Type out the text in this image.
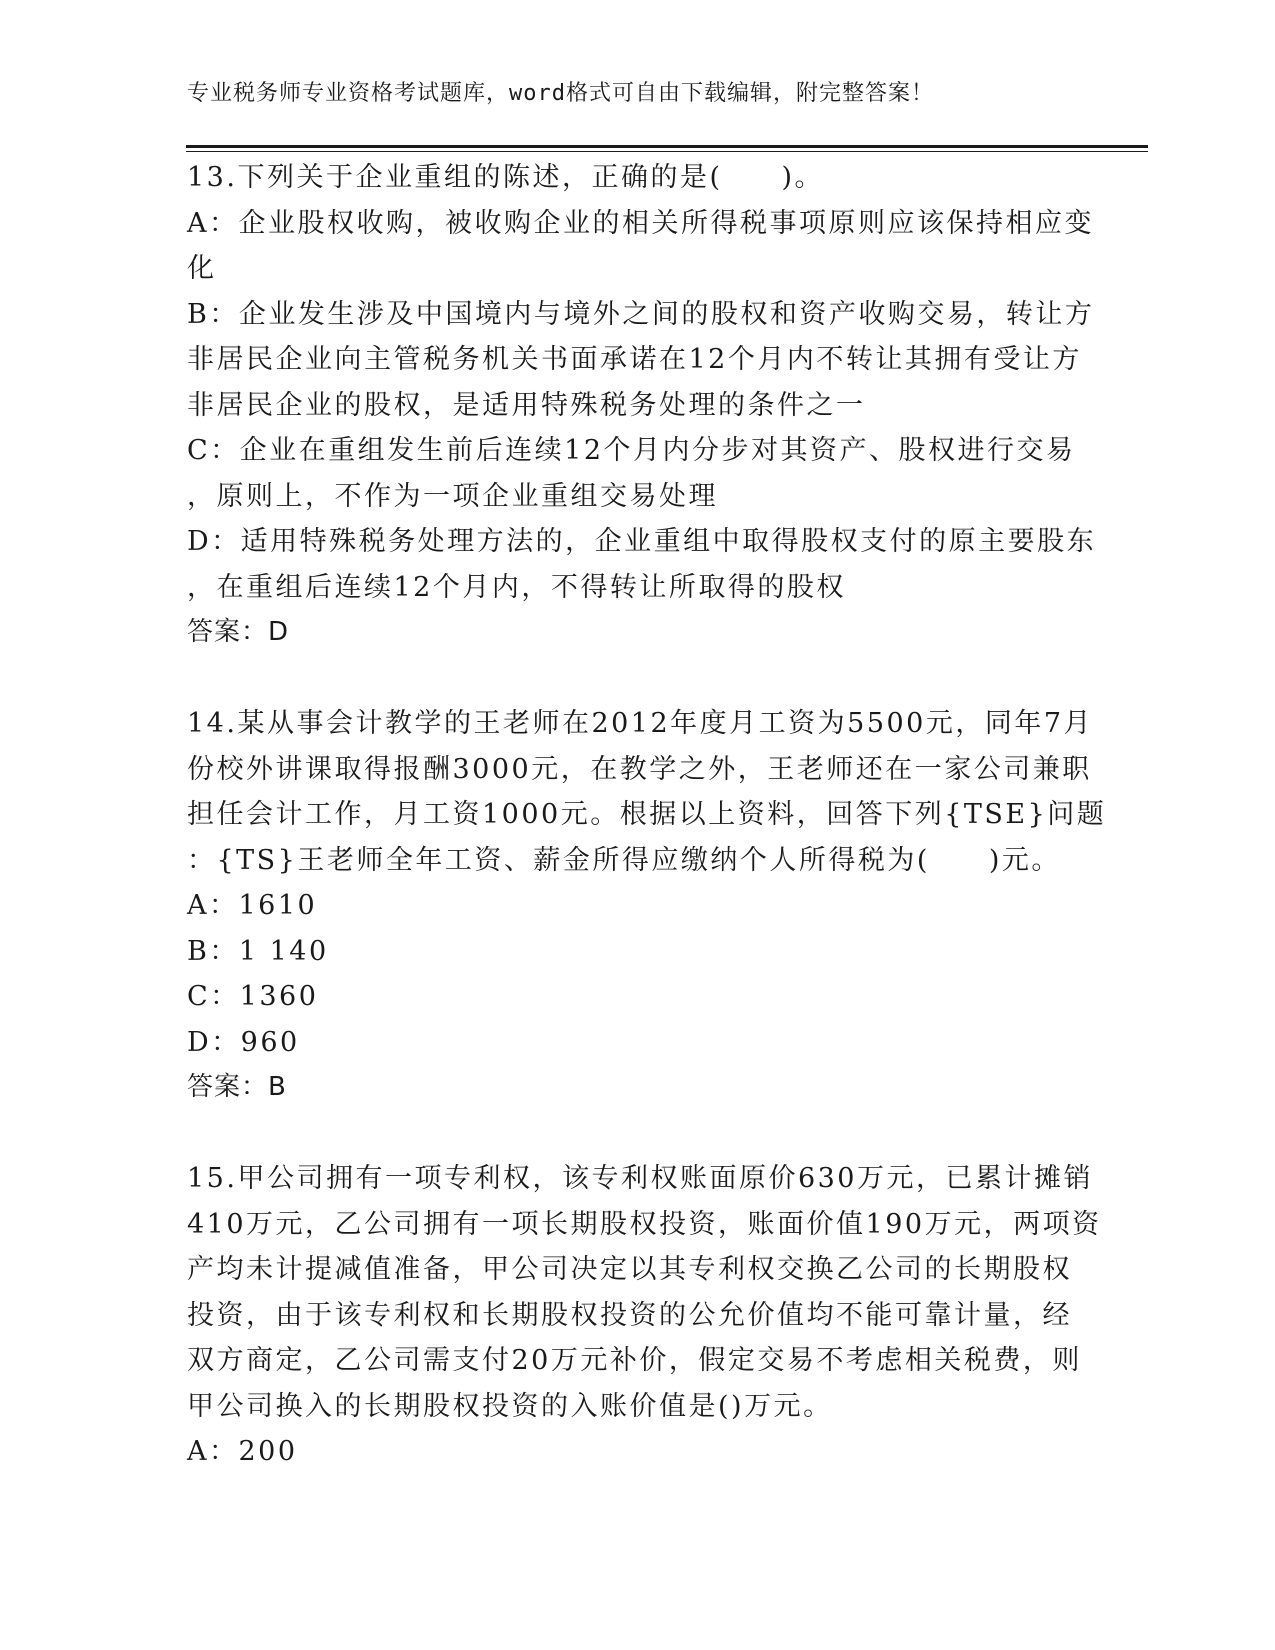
专业税务师专业资格考试题库，word格式可自由下载编辑，附完整答案！
13.下列关于企业重组的陈述，正确的是(　　)。
A：企业股权收购，被收购企业的相关所得税事项原则应该保持相应变
化
B：企业发生涉及中国境内与境外之间的股权和资产收购交易，转让方
非居民企业向主管税务机关书面承诺在12个月内不转让其拥有受让方
非居民企业的股权，是适用特殊税务处理的条件之一
C：企业在重组发生前后连续12个月内分步对其资产、股权进行交易
，原则上，不作为一项企业重组交易处理
D：适用特殊税务处理方法的，企业重组中取得股权支付的原主要股东
，在重组后连续12个月内，不得转让所取得的股权
答案：D
14.某从事会计教学的王老师在2012年度月工资为5500元，同年7月
份校外讲课取得报酬3000元，在教学之外，王老师还在一家公司兼职
担任会计工作，月工资1000元。根据以上资料，回答下列{TSE}问题
：{TS}王老师全年工资、薪金所得应缴纳个人所得税为(　　)元。
A：1610
B：1 140
C：1360
D：960
答案：B
15.甲公司拥有一项专利权，该专利权账面原价630万元，已累计摊销
410万元，乙公司拥有一项长期股权投资，账面价值190万元，两项资
产均未计提减值准备，甲公司决定以其专利权交换乙公司的长期股权
投资，由于该专利权和长期股权投资的公允价值均不能可靠计量，经
双方商定，乙公司需支付20万元补价，假定交易不考虑相关税费，则
甲公司换入的长期股权投资的入账价值是()万元。
A：200
